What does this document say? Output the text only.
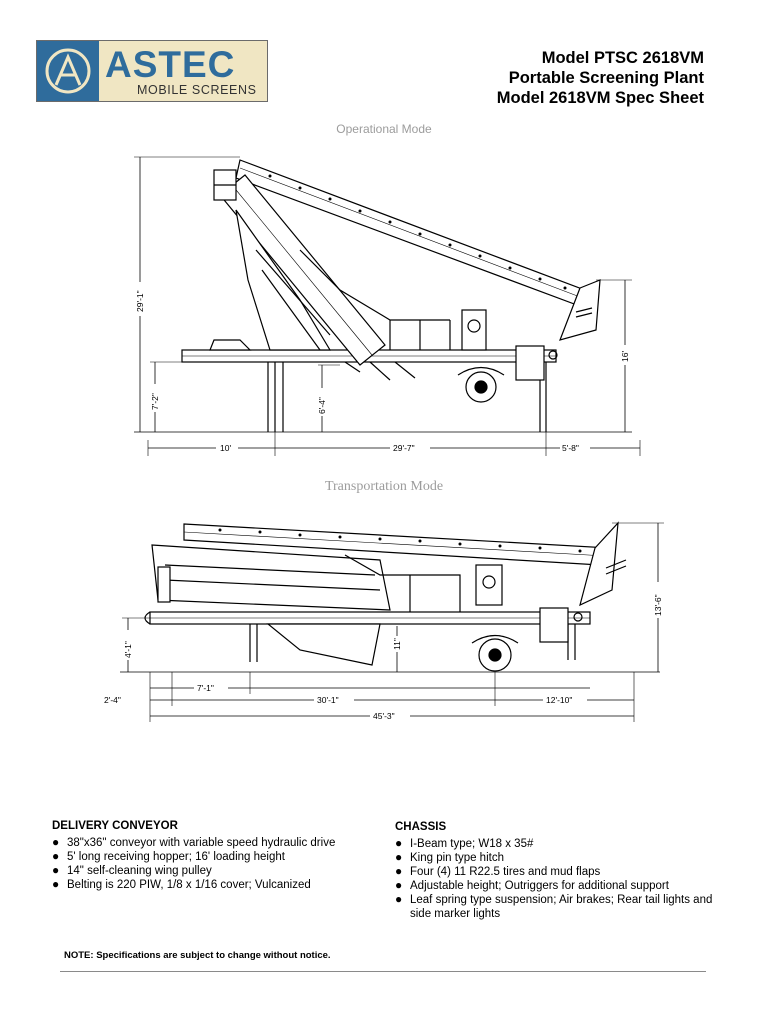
ASTEC
MOBILE SCREENS
Model PTSC 2618VM
Portable Screening Plant
Model 2618VM Spec Sheet
Operational Mode
Transportation Mode
29'-1"
7'-2"	6'-4"
16'
10'	29'-7"	5'-8"
13'-6"
4'-1"	11"
7'-1"
2'-4"	30'-1"	12'-10"
45'-3"
DELIVERY CONVEYOR
● 38"x36" conveyor with variable speed hydraulic drive
● 5' long receiving hopper; 16' loading height
● 14" self-cleaning wing pulley
● Belting is 220 PIW, 1/8 x 1/16 cover; Vulcanized
CHASSIS
● I-Beam type; W18 x 35#
● King pin type hitch
● Four (4) 11 R22.5 tires and mud flaps
● Adjustable height; Outriggers for additional support
● Leaf spring type suspension; Air brakes; Rear tail lights and side marker lights
NOTE: Specifications are subject to change without notice.
